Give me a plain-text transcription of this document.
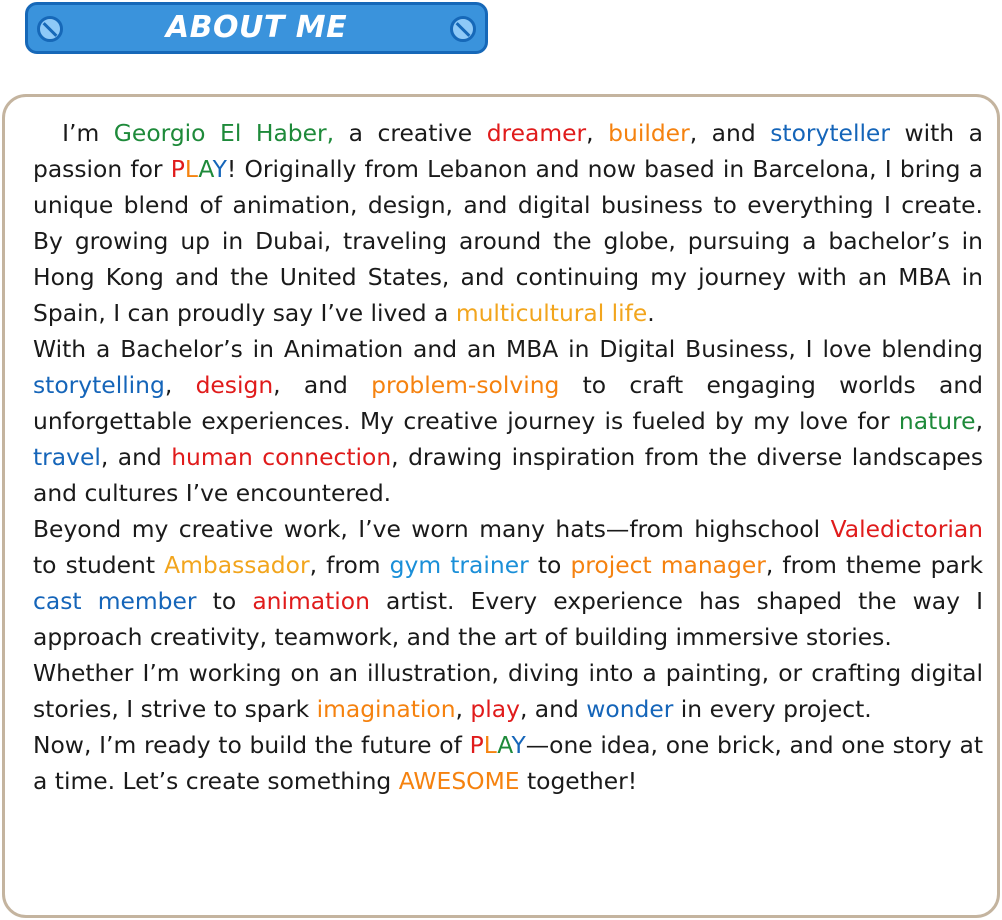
ABOUT ME

I’m Georgio El Haber, a creative dreamer, builder, and storyteller with a passion for PLAY! Originally from Lebanon and now based in Barcelona, I bring a unique blend of animation, design, and digital business to everything I create. By growing up in Dubai, traveling around the globe, pursuing a bachelor’s in Hong Kong and the United States, and continuing my journey with an MBA in Spain, I can proudly say I’ve lived a multicultural life.

With a Bachelor’s in Animation and an MBA in Digital Business, I love blending storytelling, design, and problem-solving to craft engaging worlds and unforgettable experiences. My creative journey is fueled by my love for nature, travel, and human connection, drawing inspiration from the diverse landscapes and cultures I’ve encountered.

Beyond my creative work, I’ve worn many hats—from highschool Valedictorian to student Ambassador, from gym trainer to project manager, from theme park cast member to animation artist. Every experience has shaped the way I approach creativity, teamwork, and the art of building immersive stories.

Whether I’m working on an illustration, diving into a painting, or crafting digital stories, I strive to spark imagination, play, and wonder in every project.

Now, I’m ready to build the future of PLAY—one idea, one brick, and one story at a time. Let’s create something AWESOME together!
